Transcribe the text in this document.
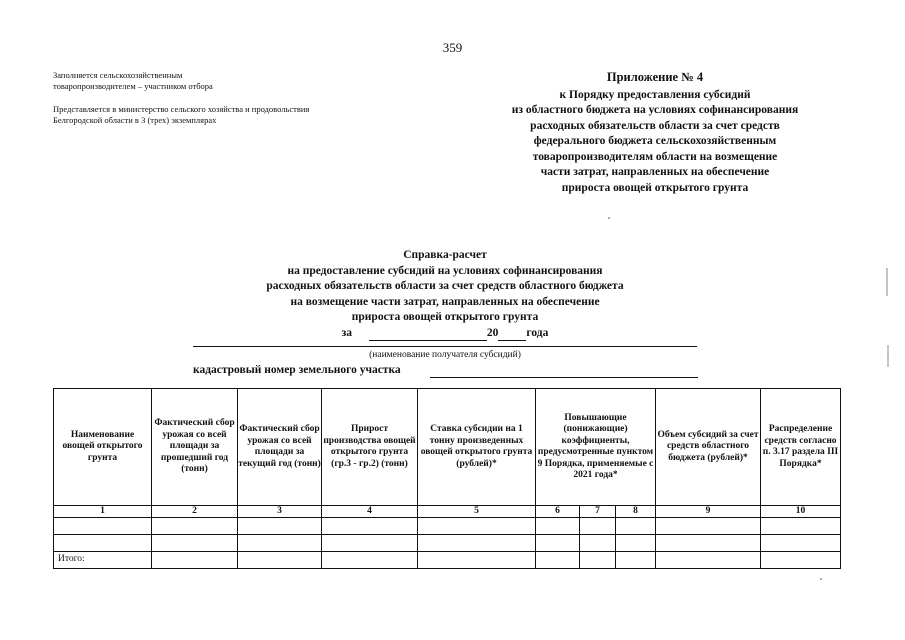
359
Заполняется сельскохозяйственным
товаропроизводителем – участником отбора
Представляется в министерство сельского хозяйства и продовольствия
Белгородской области в 3 (трех) экземплярах
Приложение № 4
к Порядку предоставления субсидий
из областного бюджета на условиях софинансирования
расходных обязательств области за счет средств
федерального бюджета сельскохозяйственным
товаропроизводителям области на возмещение
части затрат, направленных на обеспечение
прироста овощей открытого грунта
Справка-расчет
на предоставление субсидий на условиях софинансирования
расходных обязательств области за счет средств областного бюджета
на возмещение части затрат, направленных на обеспечение
прироста овощей открытого грунта
за	20 года
(наименование получателя субсидий)
кадастровый номер земельного участка
Наименование овощей открытого грунта	Фактический сбор урожая со всей площади за прошедший год (тонн)	Фактический сбор урожая со всей площади за текущий год (тонн)	Прирост производства овощей открытого грунта (гр.3 - гр.2) (тонн)	Ставка субсидии на 1 тонну произведенных овощей открытого грунта (рублей)*	Повышающие (понижающие) коэффициенты, предусмотренные пунктом 9 Порядка, применяемые с 2021 года*			Объем субсидий за счет средств областного бюджета (рублей)*	Распределение средств согласно п. 3.17 раздела III Порядка*
1	2	3	4	5	6	7	8	9	10

Итого:									
